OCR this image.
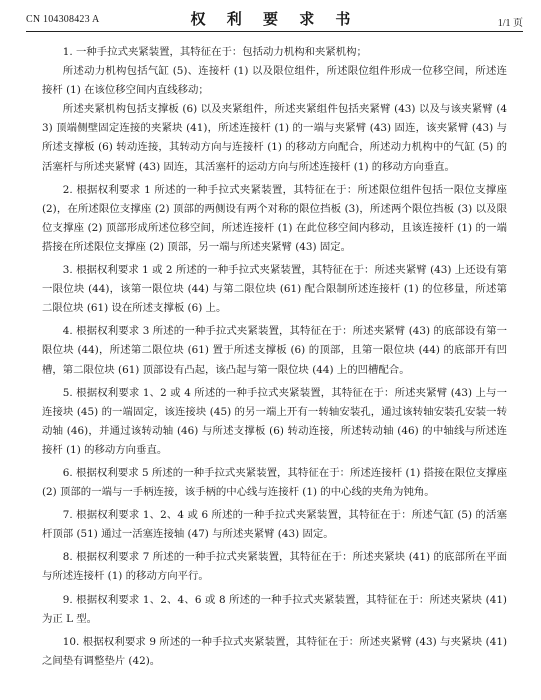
CN 104308423 A	权 利 要 求 书	1/1 页

1. 一种手拉式夹紧装置，其特征在于：包括动力机构和夹紧机构；

所述动力机构包括气缸 (5)、连接杆 (1) 以及限位组件，所述限位组件形成一位移空间，所述连接杆 (1) 在该位移空间内直线移动；

所述夹紧机构包括支撑板 (6) 以及夹紧组件，所述夹紧组件包括夹紧臂 (43) 以及与该夹紧臂 (43) 顶端侧壁固定连接的夹紧块 (41)，所述连接杆 (1) 的一端与夹紧臂 (43) 固连，该夹紧臂 (43) 与所述支撑板 (6) 转动连接，其转动方向与连接杆 (1) 的移动方向配合，所述动力机构中的气缸 (5) 的活塞杆与所述夹紧臂 (43) 固连，其活塞杆的运动方向与所述连接杆 (1) 的移动方向垂直。

2. 根据权利要求 1 所述的一种手拉式夹紧装置，其特征在于：所述限位组件包括一限位支撑座 (2)，在所述限位支撑座 (2) 顶部的两侧设有两个对称的限位挡板 (3)，所述两个限位挡板 (3) 以及限位支撑座 (2) 顶部形成所述位移空间，所述连接杆 (1) 在此位移空间内移动，且该连接杆 (1) 的一端搭接在所述限位支撑座 (2) 顶部，另一端与所述夹紧臂 (43) 固定。

3. 根据权利要求 1 或 2 所述的一种手拉式夹紧装置，其特征在于：所述夹紧臂 (43) 上还设有第一限位块 (44)，该第一限位块 (44) 与第二限位块 (61) 配合限制所述连接杆 (1) 的位移量，所述第二限位块 (61) 设在所述支撑板 (6) 上。

4. 根据权利要求 3 所述的一种手拉式夹紧装置，其特征在于：所述夹紧臂 (43) 的底部设有第一限位块 (44)，所述第二限位块 (61) 置于所述支撑板 (6) 的顶部，且第一限位块 (44) 的底部开有凹槽，第二限位块 (61) 顶部设有凸起，该凸起与第一限位块 (44) 上的凹槽配合。

5. 根据权利要求 1、2 或 4 所述的一种手拉式夹紧装置，其特征在于：所述夹紧臂 (43) 上与一连接块 (45) 的一端固定，该连接块 (45) 的另一端上开有一转轴安装孔，通过该转轴安装孔安装一转动轴 (46)，并通过该转动轴 (46) 与所述支撑板 (6) 转动连接，所述转动轴 (46) 的中轴线与所述连接杆 (1) 的移动方向垂直。

6. 根据权利要求 5 所述的一种手拉式夹紧装置，其特征在于：所述连接杆 (1) 搭接在限位支撑座 (2) 顶部的一端与一手柄连接，该手柄的中心线与连接杆 (1) 的中心线的夹角为钝角。

7. 根据权利要求 1、2、4 或 6 所述的一种手拉式夹紧装置，其特征在于：所述气缸 (5) 的活塞杆顶部 (51) 通过一活塞连接轴 (47) 与所述夹紧臂 (43) 固定。

8. 根据权利要求 7 所述的一种手拉式夹紧装置，其特征在于：所述夹紧块 (41) 的底部所在平面与所述连接杆 (1) 的移动方向平行。

9. 根据权利要求 1、2、4、6 或 8 所述的一种手拉式夹紧装置，其特征在于：所述夹紧块 (41) 为正 L 型。

10. 根据权利要求 9 所述的一种手拉式夹紧装置，其特征在于：所述夹紧臂 (43) 与夹紧块 (41) 之间垫有调整垫片 (42)。
